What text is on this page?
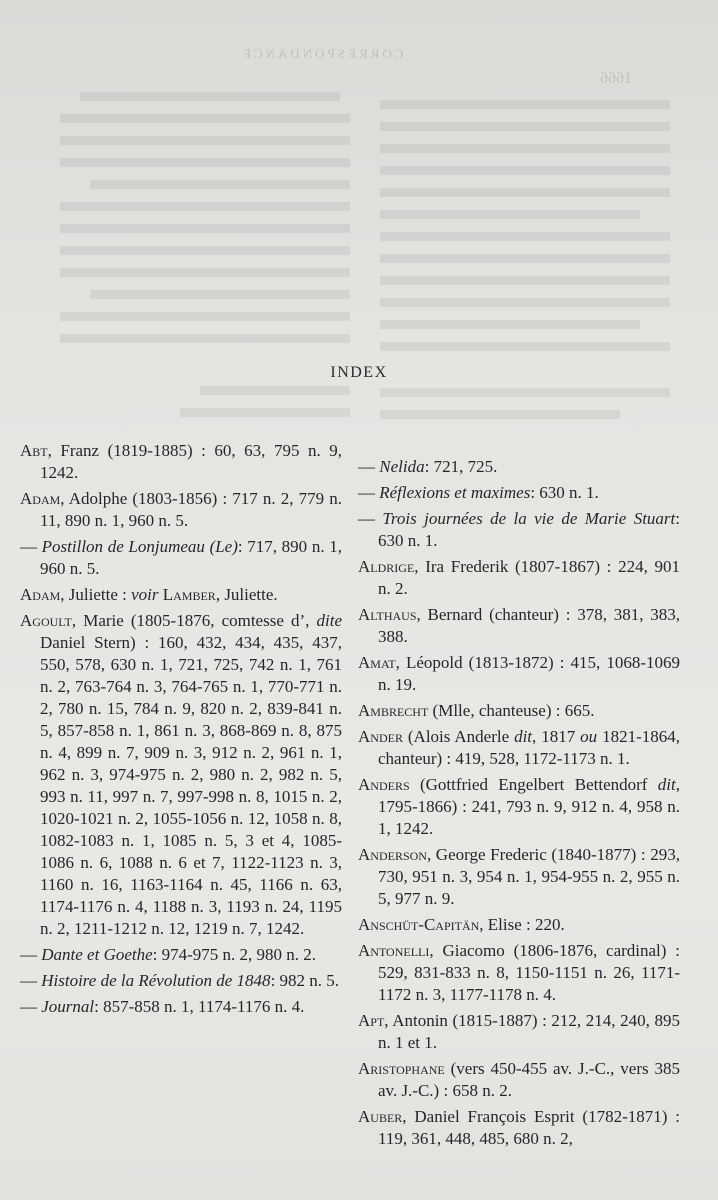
CORRESPONDANCE
1666
INDEX

Abt, Franz (1819-1885) : 60, 63, 795 n. 9, 1242.

Adam, Adolphe (1803-1856) : 717 n. 2, 779 n. 11, 890 n. 1, 960 n. 5.

— Postillon de Lonjumeau (Le): 717, 890 n. 1, 960 n. 5.

Adam, Juliette : voir Lamber, Juliette.

Agoult, Marie (1805-1876, comtesse d’, dite Daniel Stern) : 160, 432, 434, 435, 437, 550, 578, 630 n. 1, 721, 725, 742 n. 1, 761 n. 2, 763-764 n. 3, 764-765 n. 1, 770-771 n. 2, 780 n. 15, 784 n. 9, 820 n. 2, 839-841 n. 5, 857-858 n. 1, 861 n. 3, 868-869 n. 8, 875 n. 4, 899 n. 7, 909 n. 3, 912 n. 2, 961 n. 1, 962 n. 3, 974-975 n. 2, 980 n. 2, 982 n. 5, 993 n. 11, 997 n. 7, 997-998 n. 8, 1015 n. 2, 1020-1021 n. 2, 1055-1056 n. 12, 1058 n. 8, 1082-1083 n. 1, 1085 n. 5, 3 et 4, 1085-1086 n. 6, 1088 n. 6 et 7, 1122-1123 n. 3, 1160 n. 16, 1163-1164 n. 45, 1166 n. 63, 1174-1176 n. 4, 1188 n. 3, 1193 n. 24, 1195 n. 2, 1211-1212 n. 12, 1219 n. 7, 1242.

— Dante et Goethe: 974-975 n. 2, 980 n. 2.

— Histoire de la Révolution de 1848: 982 n. 5.

— Journal: 857-858 n. 1, 1174-1176 n. 4.

— Nelida: 721, 725.

— Réflexions et maximes: 630 n. 1.

— Trois journées de la vie de Marie Stuart: 630 n. 1.

Aldrige, Ira Frederik (1807-1867) : 224, 901 n. 2.

Althaus, Bernard (chanteur) : 378, 381, 383, 388.

Amat, Léopold (1813-1872) : 415, 1068-1069 n. 19.

Ambrecht (Mlle, chanteuse) : 665.

Ander (Alois Anderle dit, 1817 ou 1821-1864, chanteur) : 419, 528, 1172-1173 n. 1.

Anders (Gottfried Engelbert Bettendorf dit, 1795-1866) : 241, 793 n. 9, 912 n. 4, 958 n. 1, 1242.

Anderson, George Frederic (1840-1877) : 293, 730, 951 n. 3, 954 n. 1, 954-955 n. 2, 955 n. 5, 977 n. 9.

Anschüt-Capitän, Elise : 220.

Antonelli, Giacomo (1806-1876, cardinal) : 529, 831-833 n. 8, 1150-1151 n. 26, 1171-1172 n. 3, 1177-1178 n. 4.

Apt, Antonin (1815-1887) : 212, 214, 240, 895 n. 1 et 1.

Aristophane (vers 450-455 av. J.-C., vers 385 av. J.-C.) : 658 n. 2.

Auber, Daniel François Esprit (1782-1871) : 119, 361, 448, 485, 680 n. 2,
